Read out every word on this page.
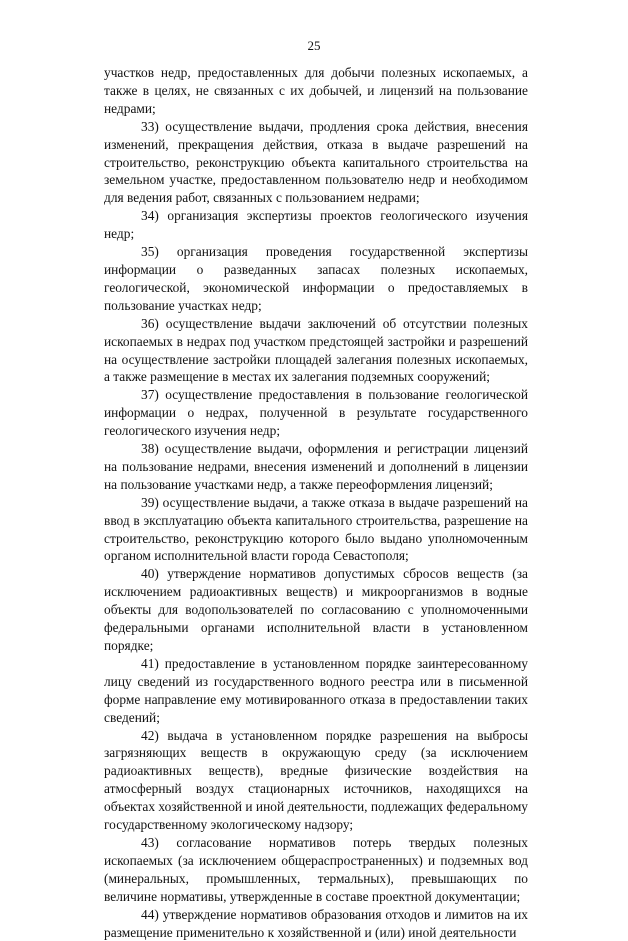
25

участков недр, предоставленных для добычи полезных ископаемых, а также в целях, не связанных с их добычей, и лицензий на пользование недрами;

33) осуществление выдачи, продления срока действия, внесения изменений, прекращения действия, отказа в выдаче разрешений на строительство, реконструкцию объекта капитального строительства на земельном участке, предоставленном пользователю недр и необходимом для ведения работ, связанных с пользованием недрами;

34) организация экспертизы проектов геологического изучения недр;

35) организация проведения государственной экспертизы информации о разведанных запасах полезных ископаемых, геологической, экономической информации о предоставляемых в пользование участках недр;

36) осуществление выдачи заключений об отсутствии полезных ископаемых в недрах под участком предстоящей застройки и разрешений на осуществление застройки площадей залегания полезных ископаемых, а также размещение в местах их залегания подземных сооружений;

37) осуществление предоставления в пользование геологической информации о недрах, полученной в результате государственного геологического изучения недр;

38) осуществление выдачи, оформления и регистрации лицензий на пользование недрами, внесения изменений и дополнений в лицензии на пользование участками недр, а также переоформления лицензий;

39) осуществление выдачи, а также отказа в выдаче разрешений на ввод в эксплуатацию объекта капитального строительства, разрешение на строительство, реконструкцию которого было выдано уполномоченным органом исполнительной власти города Севастополя;

40) утверждение нормативов допустимых сбросов веществ (за исключением радиоактивных веществ) и микроорганизмов в водные объекты для водопользователей по согласованию с уполномоченными федеральными органами исполнительной власти в установленном порядке;

41) предоставление в установленном порядке заинтересованному лицу сведений из государственного водного реестра или в письменной форме направление ему мотивированного отказа в предоставлении таких сведений;

42) выдача в установленном порядке разрешения на выбросы загрязняющих веществ в окружающую среду (за исключением радиоактивных веществ), вредные физические воздействия на атмосферный воздух стационарных источников, находящихся на объектах хозяйственной и иной деятельности, подлежащих федеральному государственному экологическому надзору;

43) согласование нормативов потерь твердых полезных ископаемых (за исключением общераспространенных) и подземных вод (минеральных, промышленных, термальных), превышающих по величине нормативы, утвержденные в составе проектной документации;

44) утверждение нормативов образования отходов и лимитов на их размещение применительно к хозяйственной и (или) иной деятельности
